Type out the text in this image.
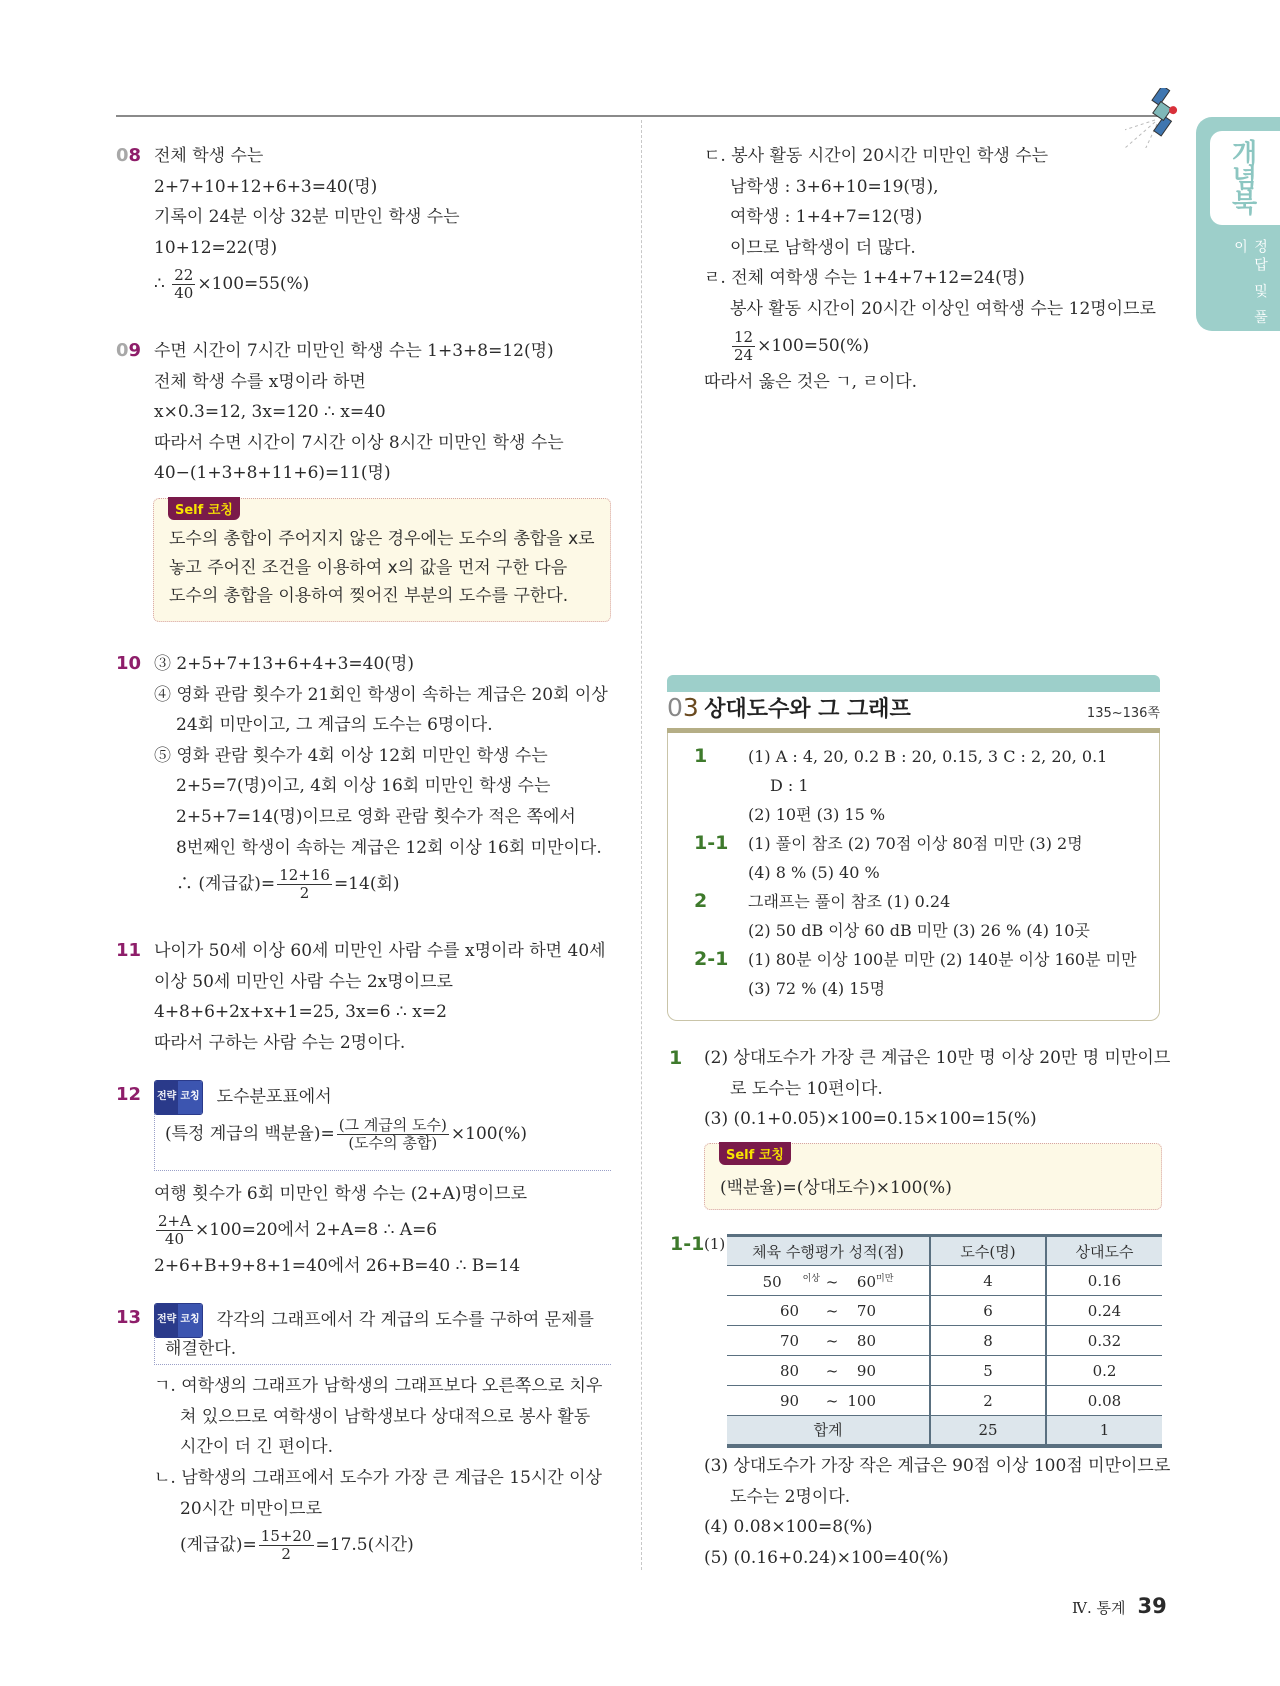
개념북
정답 및 풀이
08 전체 학생 수는
2+7+10+12+6+3=40(명)
기록이 24분 이상 32분 미만인 학생 수는
10+12=22(명)
∴ $\frac{22}{40} \times 100=55(\%)$
09 수면 시간이 7시간 미만인 학생 수는 1+3+8=12(명)
전체 학생 수를 x명이라 하면
x×0.3=12, 3x=120 ∴ x=40
따라서 수면 시간이 7시간 이상 8시간 미만인 학생 수는
40−(1+3+8+11+6)=11(명)
Self 코칭
도수의 총합이 주어지지 않은 경우에는 도수의 총합을 x로
놓고 주어진 조건을 이용하여 x의 값을 먼저 구한 다음
도수의 총합을 이용하여 찢어진 부분의 도수를 구한다.
10 ③ 2+5+7+13+6+4+3=40(명)
④ 영화 관람 횟수가 21회인 학생이 속하는 계급은 20회 이상
24회 미만이고, 그 계급의 도수는 6명이다.
⑤ 영화 관람 횟수가 4회 이상 12회 미만인 학생 수는
2+5=7(명)이고, 4회 이상 16회 미만인 학생 수는
2+5+7=14(명)이므로 영화 관람 횟수가 적은 쪽에서
8번째인 학생이 속하는 계급은 12회 이상 16회 미만이다.
∴ (계급값)= $\frac{12+16}{2} =14$(회)
11 나이가 50세 이상 60세 미만인 사람 수를 x명이라 하면 40세
이상 50세 미만인 사람 수는 2x명이므로
4+8+6+2x+x+1=25, 3x=6 ∴ x=2
따라서 구하는 사람 수는 2명이다.
12 전략 코칭 도수분포표에서
(특정 계급의 백분율)= $\frac{\text{(그 계급의 도수)}}{\text{(도수의 총합)}} \times 100(\%)$
여행 횟수가 6회 미만인 학생 수는 (2+A)명이므로
$\frac{2+A}{40} \times 100=20$에서 2+A=8 ∴ A=6
2+6+B+9+8+1=40에서 26+B=40 ∴ B=14
13 전략 코칭 각각의 그래프에서 각 계급의 도수를 구하여 문제를
해결한다.
ㄱ. 여학생의 그래프가 남학생의 그래프보다 오른쪽으로 치우
쳐 있으므로 여학생이 남학생보다 상대적으로 봉사 활동
시간이 더 긴 편이다.
ㄴ. 남학생의 그래프에서 도수가 가장 큰 계급은 15시간 이상
20시간 미만이므로
(계급값)= $\frac{15+20}{2} =17.5$(시간)
ㄷ. 봉사 활동 시간이 20시간 미만인 학생 수는
남학생 : 3+6+10=19(명),
여학생 : 1+4+7=12(명)
이므로 남학생이 더 많다.
ㄹ. 전체 여학생 수는 1+4+7+12=24(명)
봉사 활동 시간이 20시간 이상인 여학생 수는 12명이므로
$\frac{12}{24} \times 100=50(\%)$
따라서 옳은 것은 ㄱ, ㄹ이다.
03 상대도수와 그 그래프	135~136쪽
1	(1) A : 4, 20, 0.2 B : 20, 0.15, 3 C : 2, 20, 0.1
D : 1
(2) 10편 (3) 15 %
1-1 (1) 풀이 참조 (2) 70점 이상 80점 미만 (3) 2명
(4) 8 % (5) 40 %
2	그래프는 풀이 참조 (1) 0.24
(2) 50 dB 이상 60 dB 미만 (3) 26 % (4) 10곳
2-1 (1) 80분 이상 100분 미만 (2) 140분 이상 160분 미만
(3) 72 % (4) 15명
1 (2) 상대도수가 가장 큰 계급은 10만 명 이상 20만 명 미만이므
로 도수는 10편이다.
(3) (0.1+0.05)×100=0.15×100=15(%)
Self 코칭
(백분율)=(상대도수)×100(%)
1-1 (1) 체육 수행평가 성적(점)	도수(명)	상대도수
50 $^{이상}$ ~ $60^{미만}$	4	0.16
60 ~ 70	6	0.24
70 ~ 80	8	0.32
80 ~ 90	5	0.2
90 ~ 100	2	0.08
합계	25	1
(3) 상대도수가 가장 작은 계급은 90점 이상 100점 미만이므로
도수는 2명이다.
(4) 0.08×100=8(%)
(5) (0.16+0.24)×100=40(%)
Ⅳ. 통계 39
